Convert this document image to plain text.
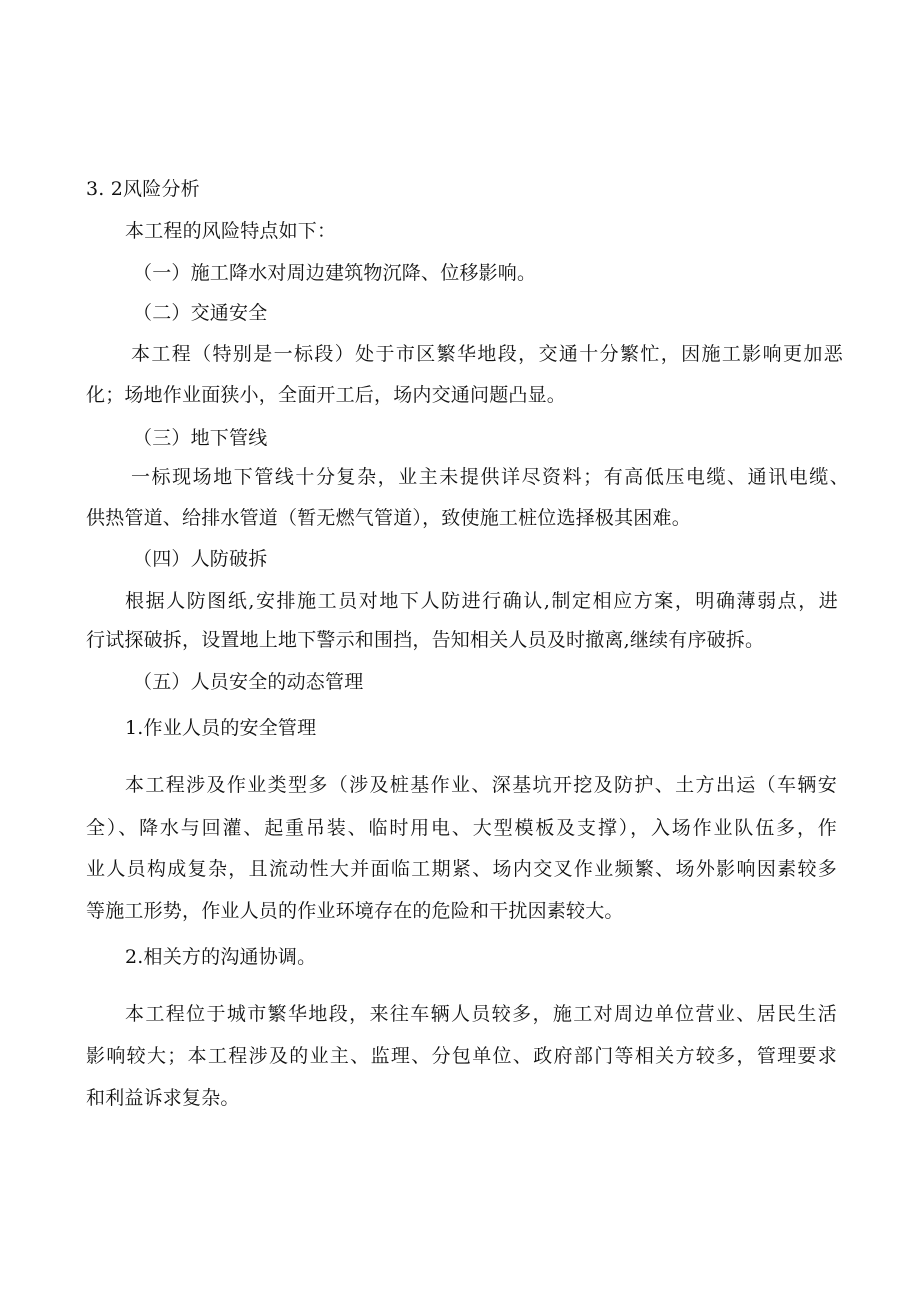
3. 2风险分析
本工程的风险特点如下：
（一）施工降水对周边建筑物沉降、位移影响。
（二）交通安全
本工程（特别是一标段）处于市区繁华地段，交通十分繁忙，因施工影响更加恶
化；场地作业面狭小，全面开工后，场内交通问题凸显。
（三）地下管线
一标现场地下管线十分复杂，业主未提供详尽资料；有高低压电缆、通讯电缆、
供热管道、给排水管道（暂无燃气管道），致使施工桩位选择极其困难。
（四）人防破拆
根据人防图纸,安排施工员对地下人防进行确认,制定相应方案，明确薄弱点，进
行试探破拆，设置地上地下警示和围挡，告知相关人员及时撤离,继续有序破拆。
（五）人员安全的动态管理
1.作业人员的安全管理
本工程涉及作业类型多（涉及桩基作业、深基坑开挖及防护、土方出运（车辆安
全）、降水与回灌、起重吊装、临时用电、大型模板及支撑），入场作业队伍多，作
业人员构成复杂，且流动性大并面临工期紧、场内交叉作业频繁、场外影响因素较多
等施工形势，作业人员的作业环境存在的危险和干扰因素较大。
2.相关方的沟通协调。
本工程位于城市繁华地段，来往车辆人员较多，施工对周边单位营业、居民生活
影响较大；本工程涉及的业主、监理、分包单位、政府部门等相关方较多，管理要求
和利益诉求复杂。
